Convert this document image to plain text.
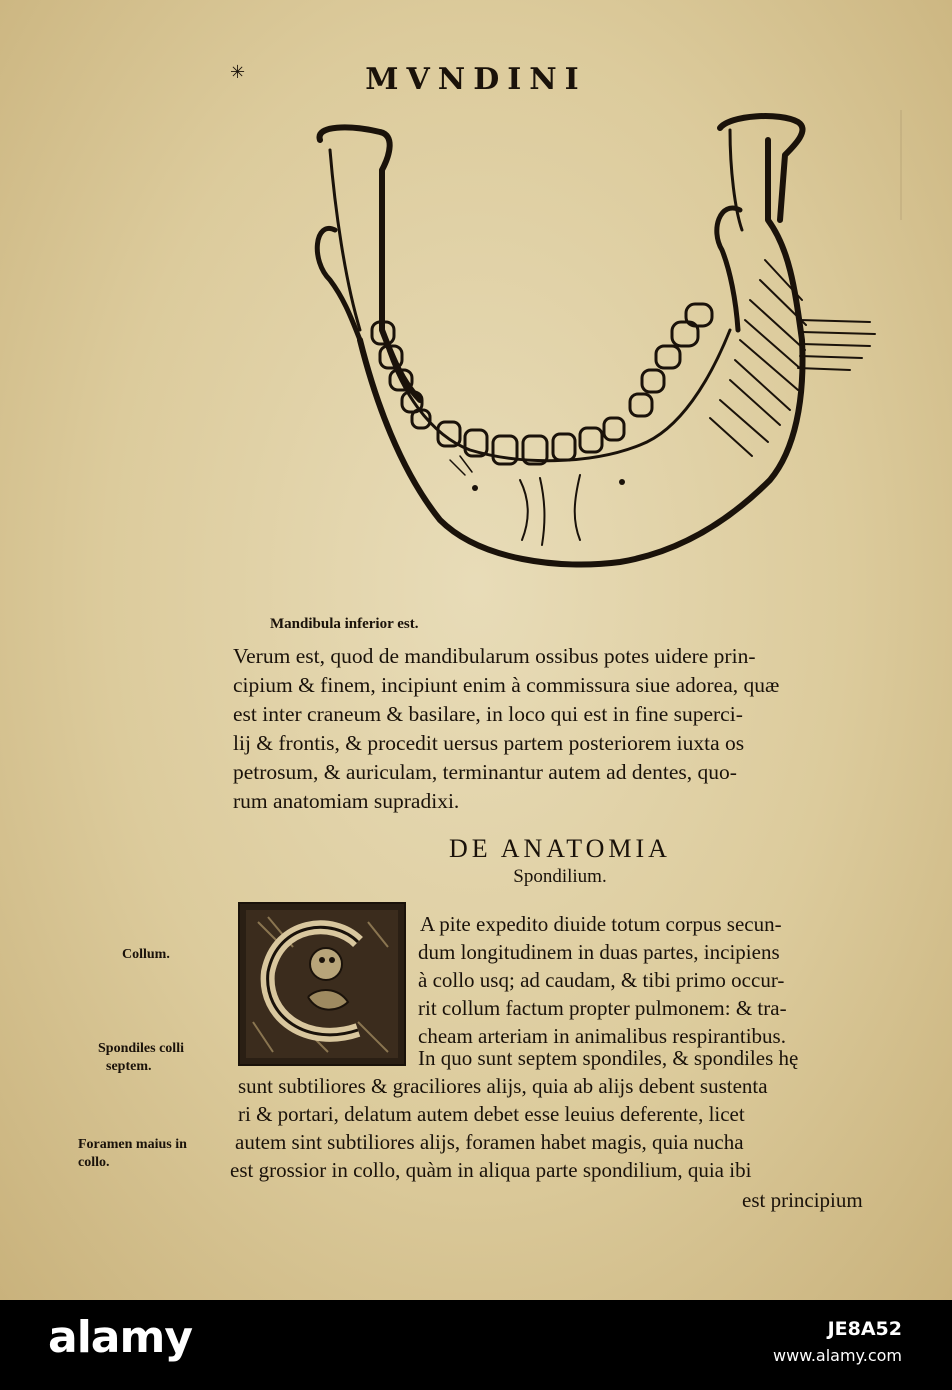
✳	MVNDINI
Mandibula inferior est.
Verum est, quod de mandibularum ossibus potes uidere prin-
cipium & finem, incipiunt enim à commissura siue adorea, quæ
est inter craneum & basilare, in loco qui est in fine superci-
lij & frontis, & procedit uersus partem posteriorem iuxta os
petrosum, & auriculam, terminantur autem ad dentes, quo-
rum anatomiam supradixi.
DE ANATOMIA
Spondilium.
A pite expedito diuide totum corpus secun-
dum longitudinem in duas partes, incipiens
à collo usq; ad caudam, & tibi primo occur-
rit collum factum propter pulmonem: & tra-
cheam arteriam in animalibus respirantibus.
In quo sunt septem spondiles, & spondiles hę
sunt subtiliores & graciliores alijs, quia ab alijs debent sustenta
ri & portari, delatum autem debet esse leuius deferente, licet
autem sint subtiliores alijs, foramen habet magis, quia nucha
est grossior in collo, quàm in aliqua parte spondilium, quia ibi
est principium
Collum.
Spondiles colli
septem.
Foramen maius in
collo.
alamy	JE8A52
www.alamy.com
